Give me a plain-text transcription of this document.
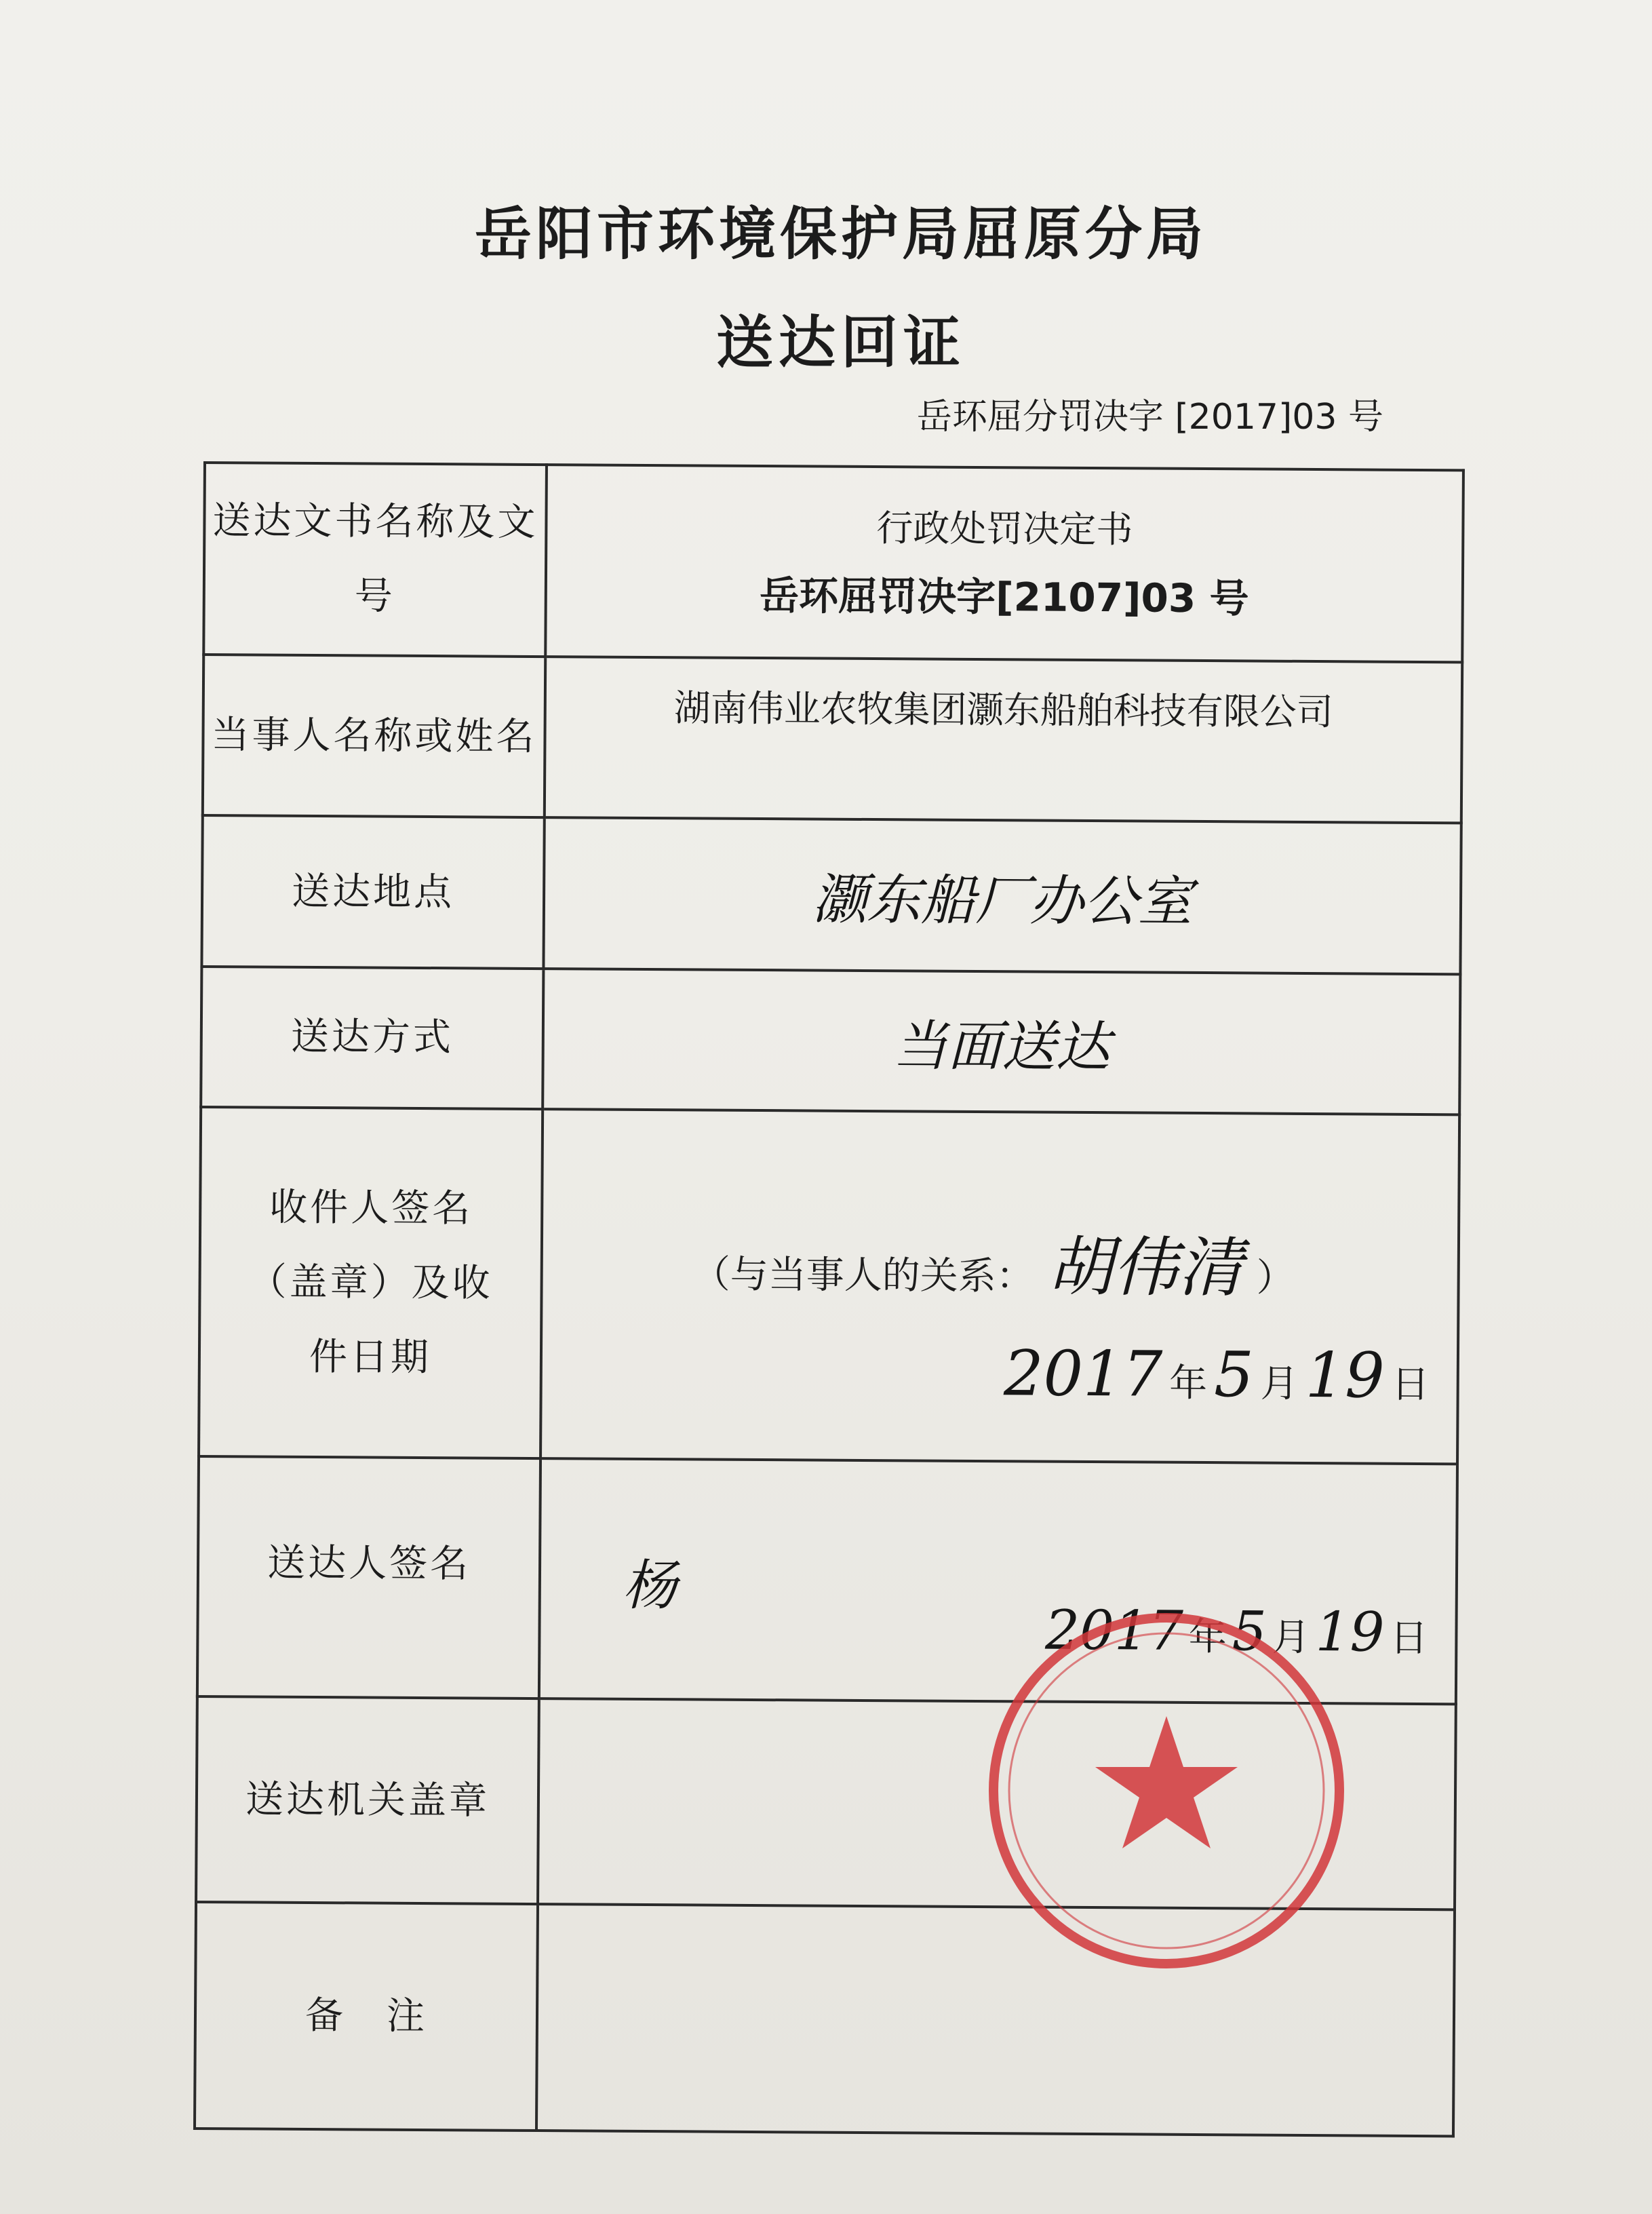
岳阳市环境保护局屈原分局
送达回证
岳环屈分罚决字 [2017]03 号
送达文书名称及文号	行政处罚决定书
岳环屈罚决字[2107]03 号

当事人名称或姓名	湖南伟业农牧集团灏东船舶科技有限公司
送达地点	灏东船厂办公室
送达方式	当面送达
收件人签名（盖章）及收件日期	（与当事人的关系： 胡伟清 ）
2017 年 5 月 19 日

送达人签名	杨
2017 年5 月19 日

送达机关盖章	
备　注	
